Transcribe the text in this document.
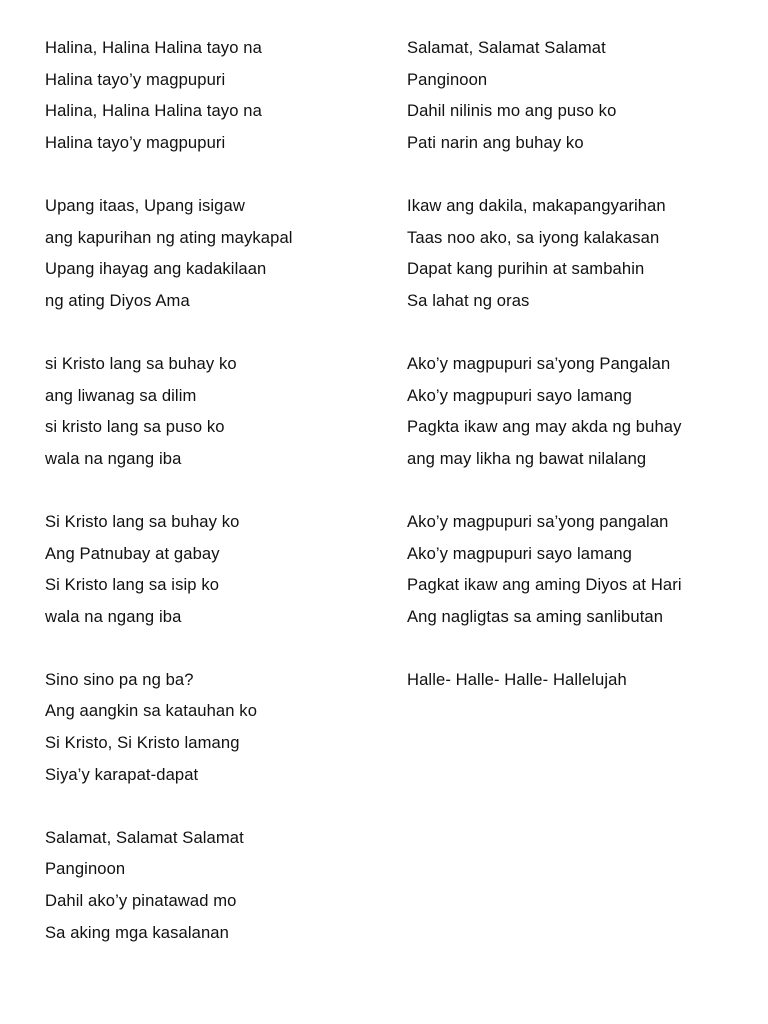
Halina, Halina Halina tayo na
Halina tayo’y magpupuri
Halina, Halina Halina tayo na
Halina tayo’y magpupuri
Upang itaas, Upang isigaw
ang kapurihan ng ating maykapal
Upang ihayag ang kadakilaan
ng ating Diyos Ama
si Kristo lang sa buhay ko
ang liwanag sa dilim
si kristo lang sa puso ko
wala na ngang iba
Si Kristo lang sa buhay ko
Ang Patnubay at gabay
Si Kristo lang sa isip ko
wala na ngang iba
Sino sino pa ng ba?
Ang aangkin sa katauhan ko
Si Kristo, Si Kristo lamang
Siya’y karapat-dapat
Salamat, Salamat Salamat
Panginoon
Dahil ako’y pinatawad mo
Sa aking mga kasalanan
Salamat, Salamat Salamat
Panginoon
Dahil nilinis mo ang puso ko
Pati narin ang buhay ko
Ikaw ang dakila, makapangyarihan
Taas noo ako, sa iyong kalakasan
Dapat kang purihin at sambahin
Sa lahat ng oras
Ako’y magpupuri sa’yong Pangalan
Ako’y magpupuri sayo lamang
Pagkta ikaw ang may akda ng buhay
ang may likha ng bawat nilalang
Ako’y magpupuri sa’yong pangalan
Ako’y magpupuri sayo lamang
Pagkat ikaw ang aming Diyos at Hari
Ang nagligtas sa aming sanlibutan
Halle- Halle- Halle- Hallelujah
